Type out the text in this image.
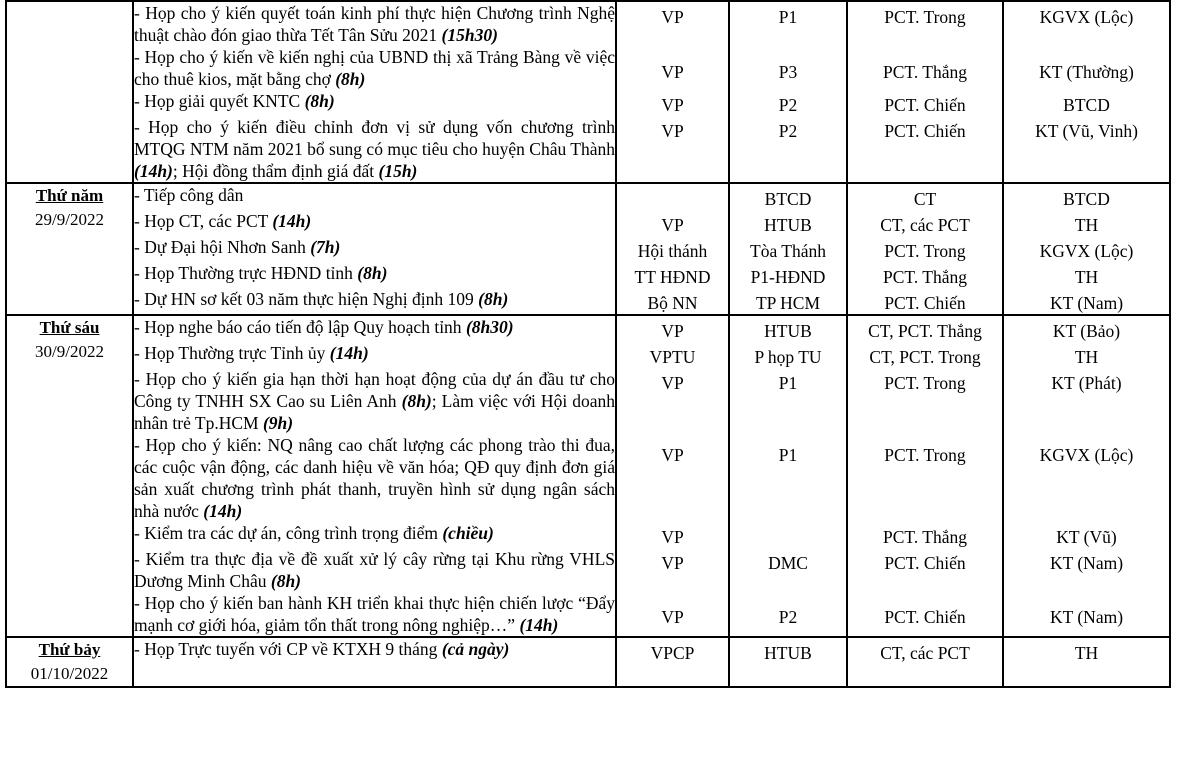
	- Họp cho ý kiến quyết toán kinh phí thực hiện Chương trình Nghệ thuật chào đón giao thừa Tết Tân Sửu 2021 (15h30)	VP	P1	PCT. Trong	KGVX (Lộc)
	- Họp cho ý kiến về kiến nghị của UBND thị xã Trảng Bàng về việc cho thuê kios, mặt bằng chợ (8h)	VP	P3	PCT. Thắng	KT (Thường)
	- Họp giải quyết KNTC (8h)	VP	P2	PCT. Chiến	BTCD
	- Họp cho ý kiến điều chỉnh đơn vị sử dụng vốn chương trình MTQG NTM năm 2021 bổ sung có mục tiêu cho huyện Châu Thành (14h); Hội đồng thẩm định giá đất (15h)	VP	P2	PCT. Chiến	KT (Vũ, Vinh)

Thứ năm
29/9/2022	- Tiếp công dân		BTCD	CT	BTCD
	- Họp CT, các PCT (14h)	VP	HTUB	CT, các PCT	TH
	- Dự Đại hội Nhơn Sanh (7h)	Hội thánh	Tòa Thánh	PCT. Trong	KGVX (Lộc)
	- Họp Thường trực HĐND tỉnh (8h)	TT HĐND	P1-HĐND	PCT. Thắng	TH
	- Dự HN sơ kết 03 năm thực hiện Nghị định 109 (8h)	Bộ NN	TP HCM	PCT. Chiến	KT (Nam)

Thứ sáu
30/9/2022	- Họp nghe báo cáo tiến độ lập Quy hoạch tỉnh (8h30)	VP	HTUB	CT, PCT. Thắng	KT (Bảo)
	- Họp Thường trực Tỉnh ủy (14h)	VPTU	P họp TU	CT, PCT. Trong	TH
	- Họp cho ý kiến gia hạn thời hạn hoạt động của dự án đầu tư cho Công ty TNHH SX Cao su Liên Anh (8h); Làm việc với Hội doanh nhân trẻ Tp.HCM (9h)	VP	P1	PCT. Trong	KT (Phát)
	- Họp cho ý kiến: NQ nâng cao chất lượng các phong trào thi đua, các cuộc vận động, các danh hiệu về văn hóa; QĐ quy định đơn giá sản xuất chương trình phát thanh, truyền hình sử dụng ngân sách nhà nước (14h)	VP	P1	PCT. Trong	KGVX (Lộc)
	- Kiểm tra các dự án, công trình trọng điểm (chiều)	VP		PCT. Thắng	KT (Vũ)
	- Kiểm tra thực địa về đề xuất xử lý cây rừng tại Khu rừng VHLS Dương Minh Châu (8h)	VP	DMC	PCT. Chiến	KT (Nam)
	- Họp cho ý kiến ban hành KH triển khai thực hiện chiến lược “Đẩy mạnh cơ giới hóa, giảm tổn thất trong nông nghiệp…” (14h)	VP	P2	PCT. Chiến	KT (Nam)

Thứ bảy
01/10/2022	- Họp Trực tuyến với CP về KTXH 9 tháng (cả ngày)	VPCP	HTUB	CT, các PCT	TH
